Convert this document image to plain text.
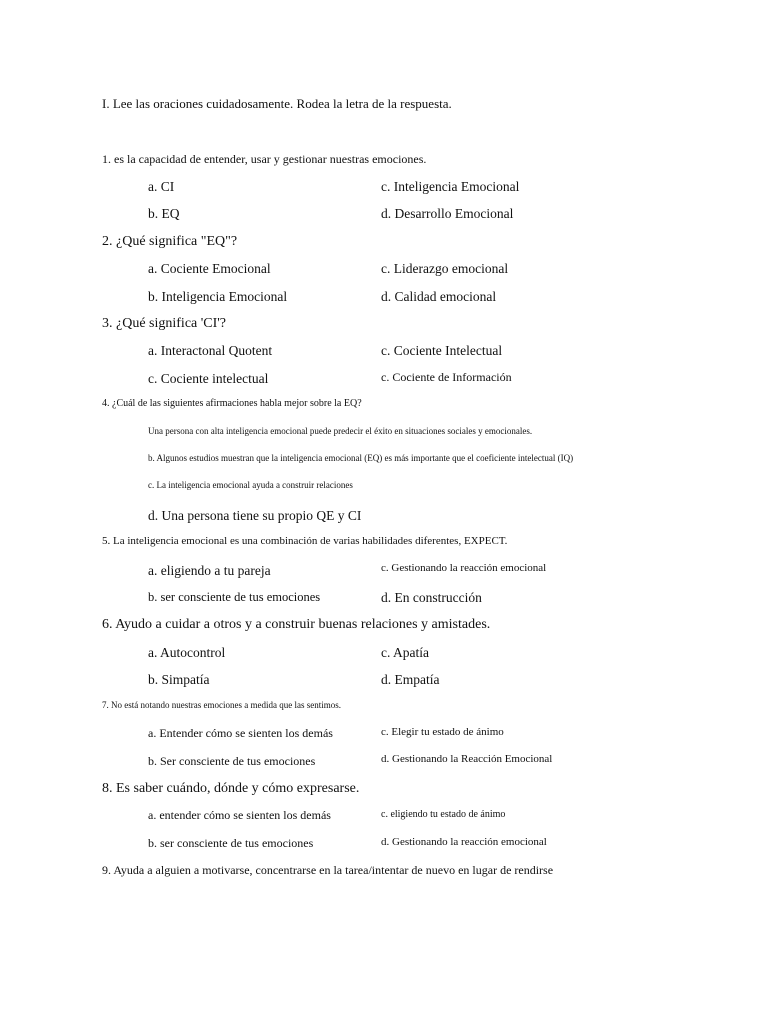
I. Lee las oraciones cuidadosamente. Rodea la letra de la respuesta.
1. es la capacidad de entender, usar y gestionar nuestras emociones.
a. CI	c. Inteligencia Emocional
b. EQ	d. Desarrollo Emocional
2. ¿Qué significa "EQ"?
a. Cociente Emocional	c. Liderazgo emocional
b. Inteligencia Emocional	d. Calidad emocional
3. ¿Qué significa 'CI'?
a. Interactonal Quotent	c. Cociente Intelectual
c. Cociente intelectual	c. Cociente de Información
4. ¿Cuál de las siguientes afirmaciones habla mejor sobre la EQ?
Una persona con alta inteligencia emocional puede predecir el éxito en situaciones sociales y emocionales.
b. Algunos estudios muestran que la inteligencia emocional (EQ) es más importante que el coeficiente intelectual (IQ)
c. La inteligencia emocional ayuda a construir relaciones
d. Una persona tiene su propio QE y CI
5. La inteligencia emocional es una combinación de varias habilidades diferentes, EXPECT.
a. eligiendo a tu pareja	c. Gestionando la reacción emocional
b. ser consciente de tus emociones	d. En construcción
6. Ayudo a cuidar a otros y a construir buenas relaciones y amistades.
a. Autocontrol	c. Apatía
b. Simpatía	d. Empatía
7. No está notando nuestras emociones a medida que las sentimos.
a. Entender cómo se sienten los demás	c. Elegir tu estado de ánimo
b. Ser consciente de tus emociones	d. Gestionando la Reacción Emocional
8. Es saber cuándo, dónde y cómo expresarse.
a. entender cómo se sienten los demás	c. eligiendo tu estado de ánimo
b. ser consciente de tus emociones	d. Gestionando la reacción emocional
9. Ayuda a alguien a motivarse, concentrarse en la tarea/intentar de nuevo en lugar de rendirse
